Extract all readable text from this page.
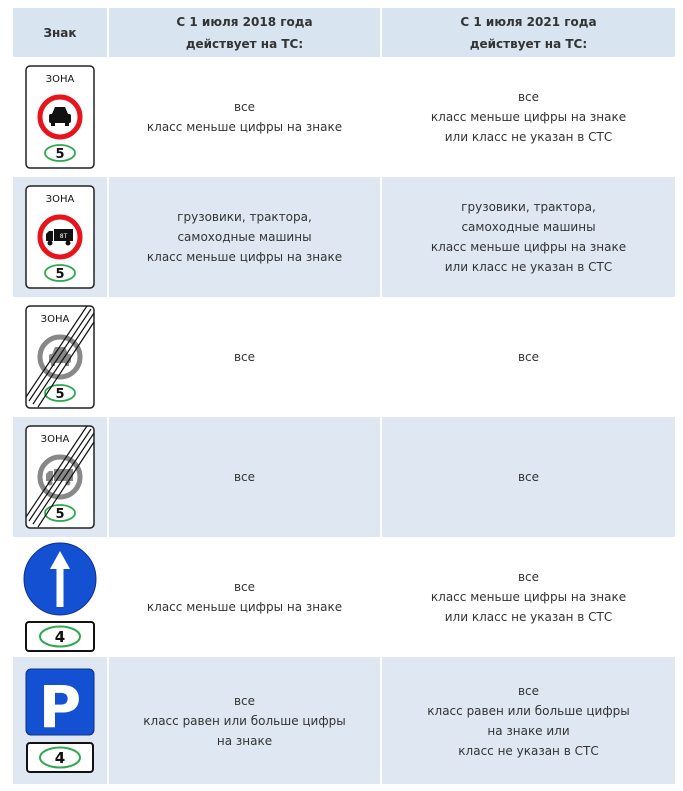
Знак
С 1 июля 2018 года
действует на ТС:
С 1 июля 2021 года
действует на ТС:
ЗОНА
5
все
класс меньше цифры на знаке
все
класс меньше цифры на знаке
или класс не указан в СТС
ЗОНА
8Т
5
грузовики, трактора,
самоходные машины
класс меньше цифры на знаке
грузовики, трактора,
самоходные машины
класс меньше цифры на знаке
или класс не указан в СТС
ЗОНА
5
все	все
ЗОНА
5
все	все
4
все
класс меньше цифры на знаке
все
класс меньше цифры на знаке
или класс не указан в СТС
P
4
все
класс равен или больше цифры
на знаке
все
класс равен или больше цифры
на знаке или
класс не указан в СТС
